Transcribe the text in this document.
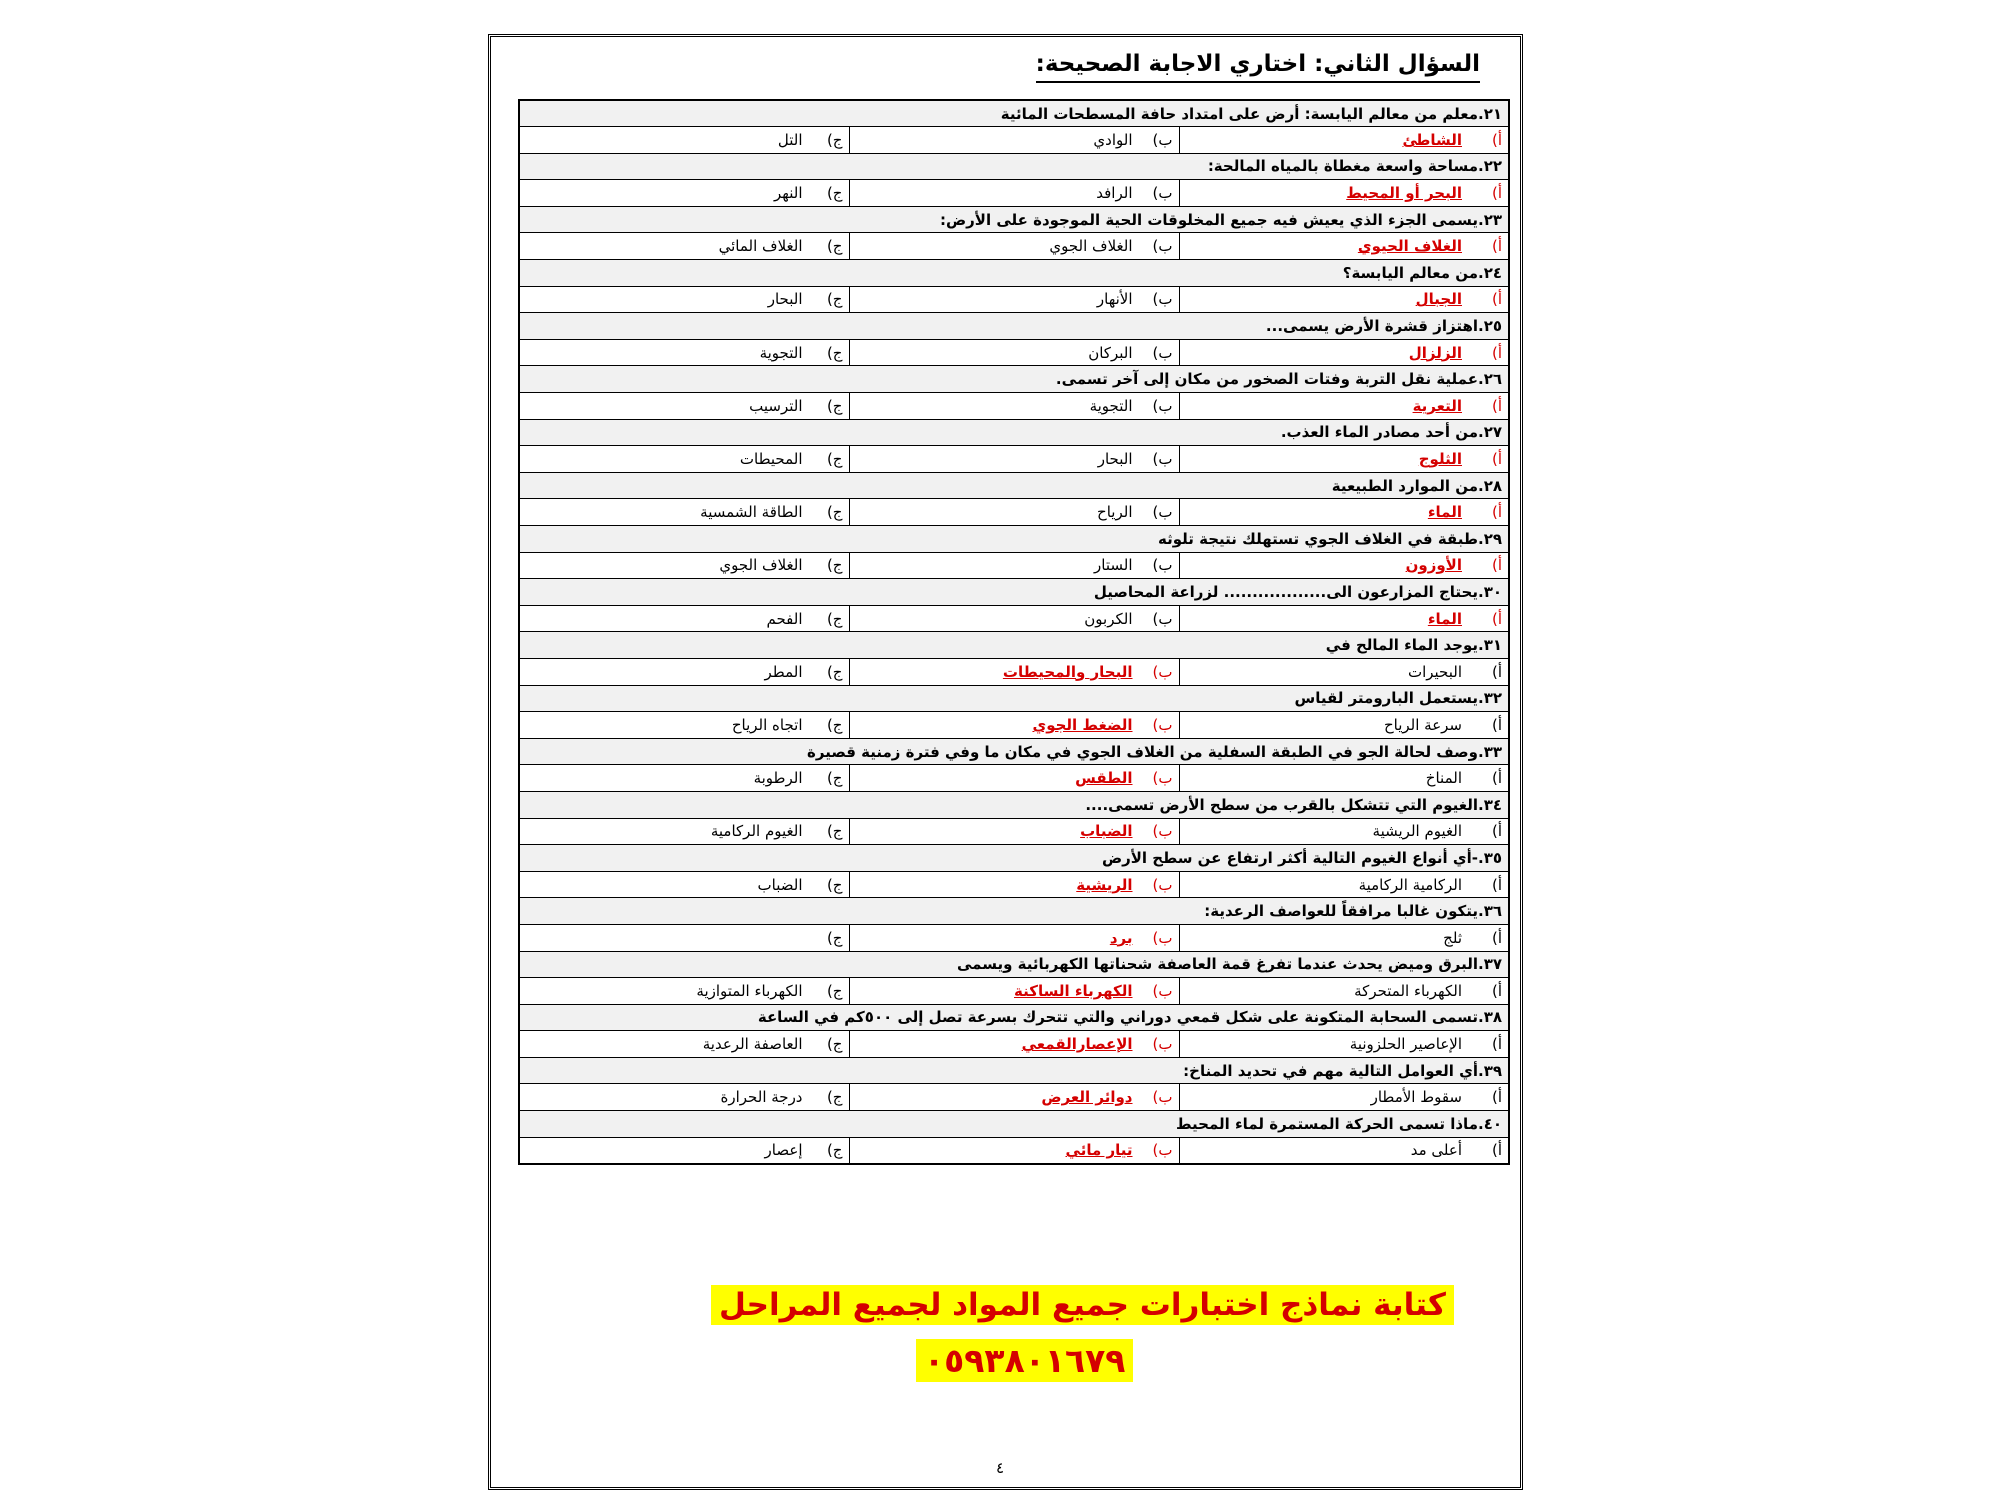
السؤال الثاني: اختاري الاجابة الصحيحة:
٢١.معلم من معالم اليابسة: أرض على امتداد حافة المسطحات المائية		
أ)الشاطئ	ب)الوادي	ج)التل
٢٢.مساحة واسعة مغطاة بالمياه المالحة:		
أ)البحر أو المحيط	ب)الرافد	ج)النهر
٢٣.يسمى الجزء الذي يعيش فيه جميع المخلوقات الحية الموجودة على الأرض:		
أ)الغلاف الحيوي	ب)الغلاف الجوي	ج)الغلاف المائي
٢٤.من معالم اليابسة؟		
أ)الجبال	ب)الأنهار	ج)البحار
٢٥.اهتزاز قشرة الأرض يسمى...		
أ)الزلزال	ب)البركان	ج)التجوية
٢٦.عملية نقل التربة وفتات الصخور من مكان إلى آخر تسمى.		
أ)التعرية	ب)التجوية	ج)الترسيب
٢٧.من أحد مصادر الماء العذب.		
أ)الثلوج	ب)البحار	ج)المحيطات
٢٨.من الموارد الطبيعية		
أ)الماء	ب)الرياح	ج)الطاقة الشمسية
٢٩.طبقة في الغلاف الجوي تستهلك نتيجة تلوثه		
أ)الأوزون	ب)الستار	ج)الغلاف الجوي
٣٠.يحتاج المزارعون الى.................. لزراعة المحاصيل		
أ)الماء	ب)الكربون	ج)الفحم
٣١.يوجد الماء المالح في		
أ)البحيرات	ب)البحار والمحيطات	ج)المطر
٣٢.يستعمل البارومتر لقياس		
أ)سرعة الرياح	ب)الضغط الجوي	ج)اتجاه الرياح
٣٣.وصف لحالة الجو في الطبقة السفلية من الغلاف الجوي في مكان ما وفي فترة زمنية قصيرة		
أ)المناخ	ب)الطقس	ج)الرطوبة
٣٤.الغيوم التي تتشكل بالقرب من سطح الأرض تسمى....		
أ)الغيوم الريشية	ب)الضباب	ج)الغيوم الركامية
٣٥.-أي أنواع الغيوم التالية أكثر ارتفاع عن سطح الأرض		
أ)الركامية الركامية	ب)الريشية	ج)الضباب
٣٦.يتكون غالبا مرافقاً للعواصف الرعدية:		
أ)ثلج	ب)برد	ج)
٣٧.البرق وميض يحدث عندما تفرغ قمة العاصفة شحناتها الكهربائية ويسمى		
أ)الكهرباء المتحركة	ب)الكهرباء الساكنة	ج)الكهرباء المتوازية
٣٨.تسمى السحابة المتكونة على شكل قمعي دوراني والتي تتحرك بسرعة تصل إلى ٥٠٠كم في الساعة		
أ)الإعاصير الحلزونية	ب)الإعصارالقمعي	ج)العاصفة الرعدية
٣٩.أي العوامل التالية مهم في تحديد المناخ:		
أ)سقوط الأمطار	ب)دوائر العرض	ج)درجة الحرارة
٤٠.ماذا تسمى الحركة المستمرة لماء المحيط		
أ)أعلى مد	ب)تيار مائي	ج)إعصار
كتابة نماذج اختبارات جميع المواد لجميع المراحل
٠٥٩٣٨٠١٦٧٩
٤
